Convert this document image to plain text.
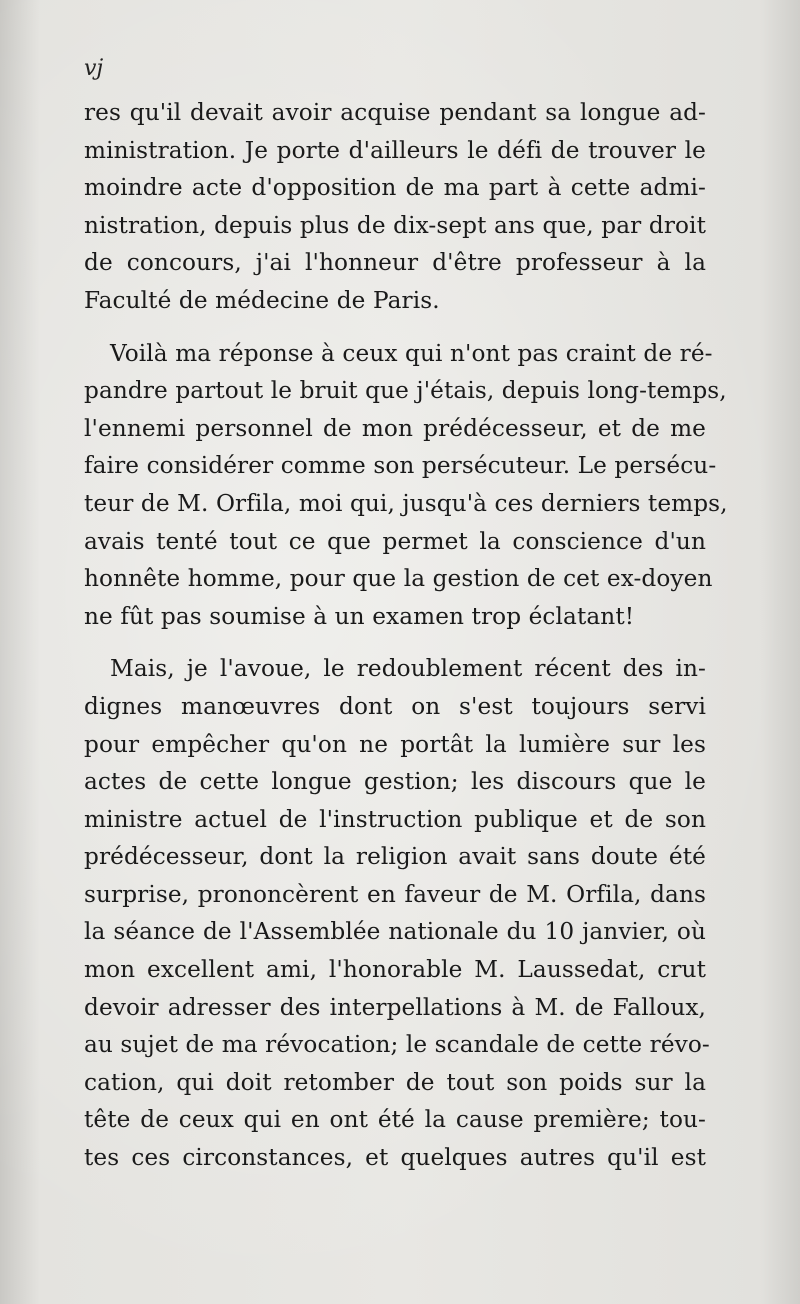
vj

res qu'il devait avoir acquise pendant sa longue ad-
ministration. Je porte d'ailleurs le défi de trouver le
moindre acte d'opposition de ma part à cette admi-
nistration, depuis plus de dix-sept ans que, par droit
de concours, j'ai l'honneur d'être professeur à la
Faculté de médecine de Paris.

Voilà ma réponse à ceux qui n'ont pas craint de ré-
pandre partout le bruit que j'étais, depuis long-temps,
l'ennemi personnel de mon prédécesseur, et de me
faire considérer comme son persécuteur. Le persécu-
teur de M. Orfila, moi qui, jusqu'à ces derniers temps,
avais tenté tout ce que permet la conscience d'un
honnête homme, pour que la gestion de cet ex-doyen
ne fût pas soumise à un examen trop éclatant!

Mais, je l'avoue, le redoublement récent des in-
dignes manœuvres dont on s'est toujours servi
pour empêcher qu'on ne portât la lumière sur les
actes de cette longue gestion; les discours que le
ministre actuel de l'instruction publique et de son
prédécesseur, dont la religion avait sans doute été
surprise, prononcèrent en faveur de M. Orfila, dans
la séance de l'Assemblée nationale du 10 janvier, où
mon excellent ami, l'honorable M. Laussedat, crut
devoir adresser des interpellations à M. de Falloux,
au sujet de ma révocation; le scandale de cette révo-
cation, qui doit retomber de tout son poids sur la
tête de ceux qui en ont été la cause première; tou-
tes ces circonstances, et quelques autres qu'il est
